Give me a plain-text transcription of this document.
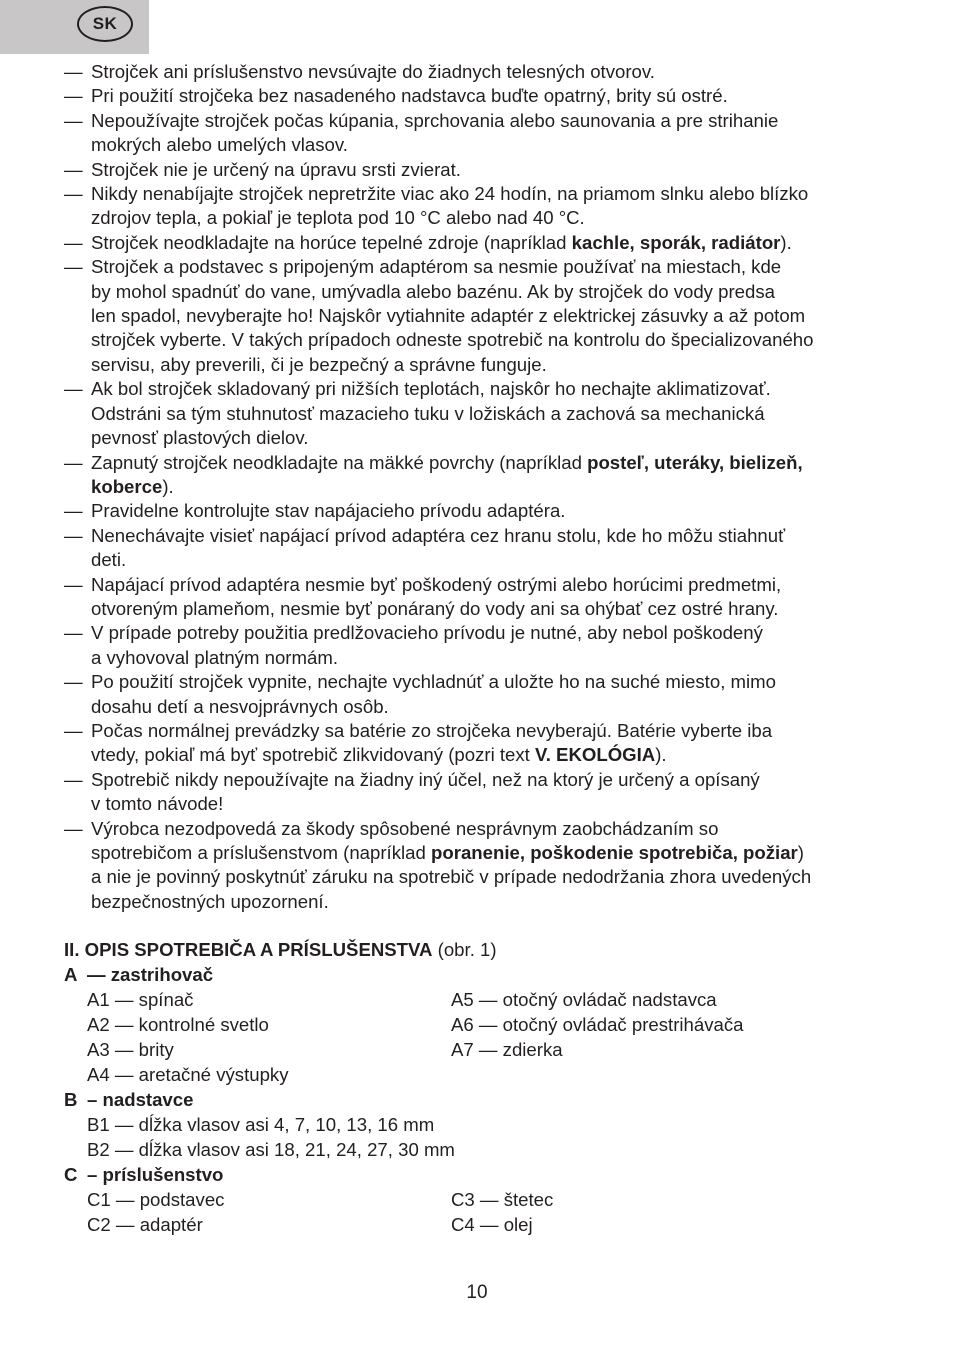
SK
— Strojček ani príslušenstvo nevsúvajte do žiadnych telesných otvorov.
— Pri použití strojčeka bez nasadeného nadstavca buďte opatrný, brity sú ostré.
— Nepoužívajte strojček počas kúpania, sprchovania alebo saunovania a pre strihanie
mokrých alebo umelých vlasov.
— Strojček nie je určený na úpravu srsti zvierat.
— Nikdy nenabíjajte strojček nepretržite viac ako 24 hodín, na priamom slnku alebo blízko
zdrojov tepla, a pokiaľ je teplota pod 10 °C alebo nad 40 °C.
— Strojček neodkladajte na horúce tepelné zdroje (napríklad kachle, sporák, radiátor).
— Strojček a podstavec s pripojeným adaptérom sa nesmie používať na miestach, kde
by mohol spadnúť do vane, umývadla alebo bazénu. Ak by strojček do vody predsa
len spadol, nevyberajte ho! Najskôr vytiahnite adaptér z elektrickej zásuvky a až potom
strojček vyberte. V takých prípadoch odneste spotrebič na kontrolu do špecializovaného
servisu, aby preverili, či je bezpečný a správne funguje.
— Ak bol strojček skladovaný pri nižších teplotách, najskôr ho nechajte aklimatizovať.
Odstráni sa tým stuhnutosť mazacieho tuku v ložiskách a zachová sa mechanická
pevnosť plastových dielov.
— Zapnutý strojček neodkladajte na mäkké povrchy (napríklad posteľ, uteráky, bielizeň,
koberce).
— Pravidelne kontrolujte stav napájacieho prívodu adaptéra.
— Nenechávajte visieť napájací prívod adaptéra cez hranu stolu, kde ho môžu stiahnuť
deti.
— Napájací prívod adaptéra nesmie byť poškodený ostrými alebo horúcimi predmetmi,
otvoreným plameňom, nesmie byť ponáraný do vody ani sa ohýbať cez ostré hrany.
— V prípade potreby použitia predlžovacieho prívodu je nutné, aby nebol poškodený
a vyhovoval platným normám.
— Po použití strojček vypnite, nechajte vychladnúť a uložte ho na suché miesto, mimo
dosahu detí a nesvojprávnych osôb.
— Počas normálnej prevádzky sa batérie zo strojčeka nevyberajú. Batérie vyberte iba
vtedy, pokiaľ má byť spotrebič zlikvidovaný (pozri text V. EKOLÓGIA).
— Spotrebič nikdy nepoužívajte na žiadny iný účel, než na ktorý je určený a opísaný
v tomto návode!
— Výrobca nezodpovedá za škody spôsobené nesprávnym zaobchádzaním so
spotrebičom a príslušenstvom (napríklad poranenie, poškodenie spotrebiča, požiar)
a nie je povinný poskytnúť záruku na spotrebič v prípade nedodržania zhora uvedených
bezpečnostných upozornení.
II. OPIS SPOTREBIČA A PRÍSLUŠENSTVA (obr. 1)
A — zastrihovač
A1 — spínač	A5 — otočný ovládač nadstavca
A2 — kontrolné svetlo	A6 — otočný ovládač prestrihávača
A3 — brity	A7 — zdierka
A4 — aretačné výstupky
B – nadstavce
B1 — dĺžka vlasov asi 4, 7, 10, 13, 16 mm
B2 — dĺžka vlasov asi 18, 21, 24, 27, 30 mm
C – príslušenstvo
C1 — podstavec	C3 — štetec
C2 — adaptér	C4 — olej
10
